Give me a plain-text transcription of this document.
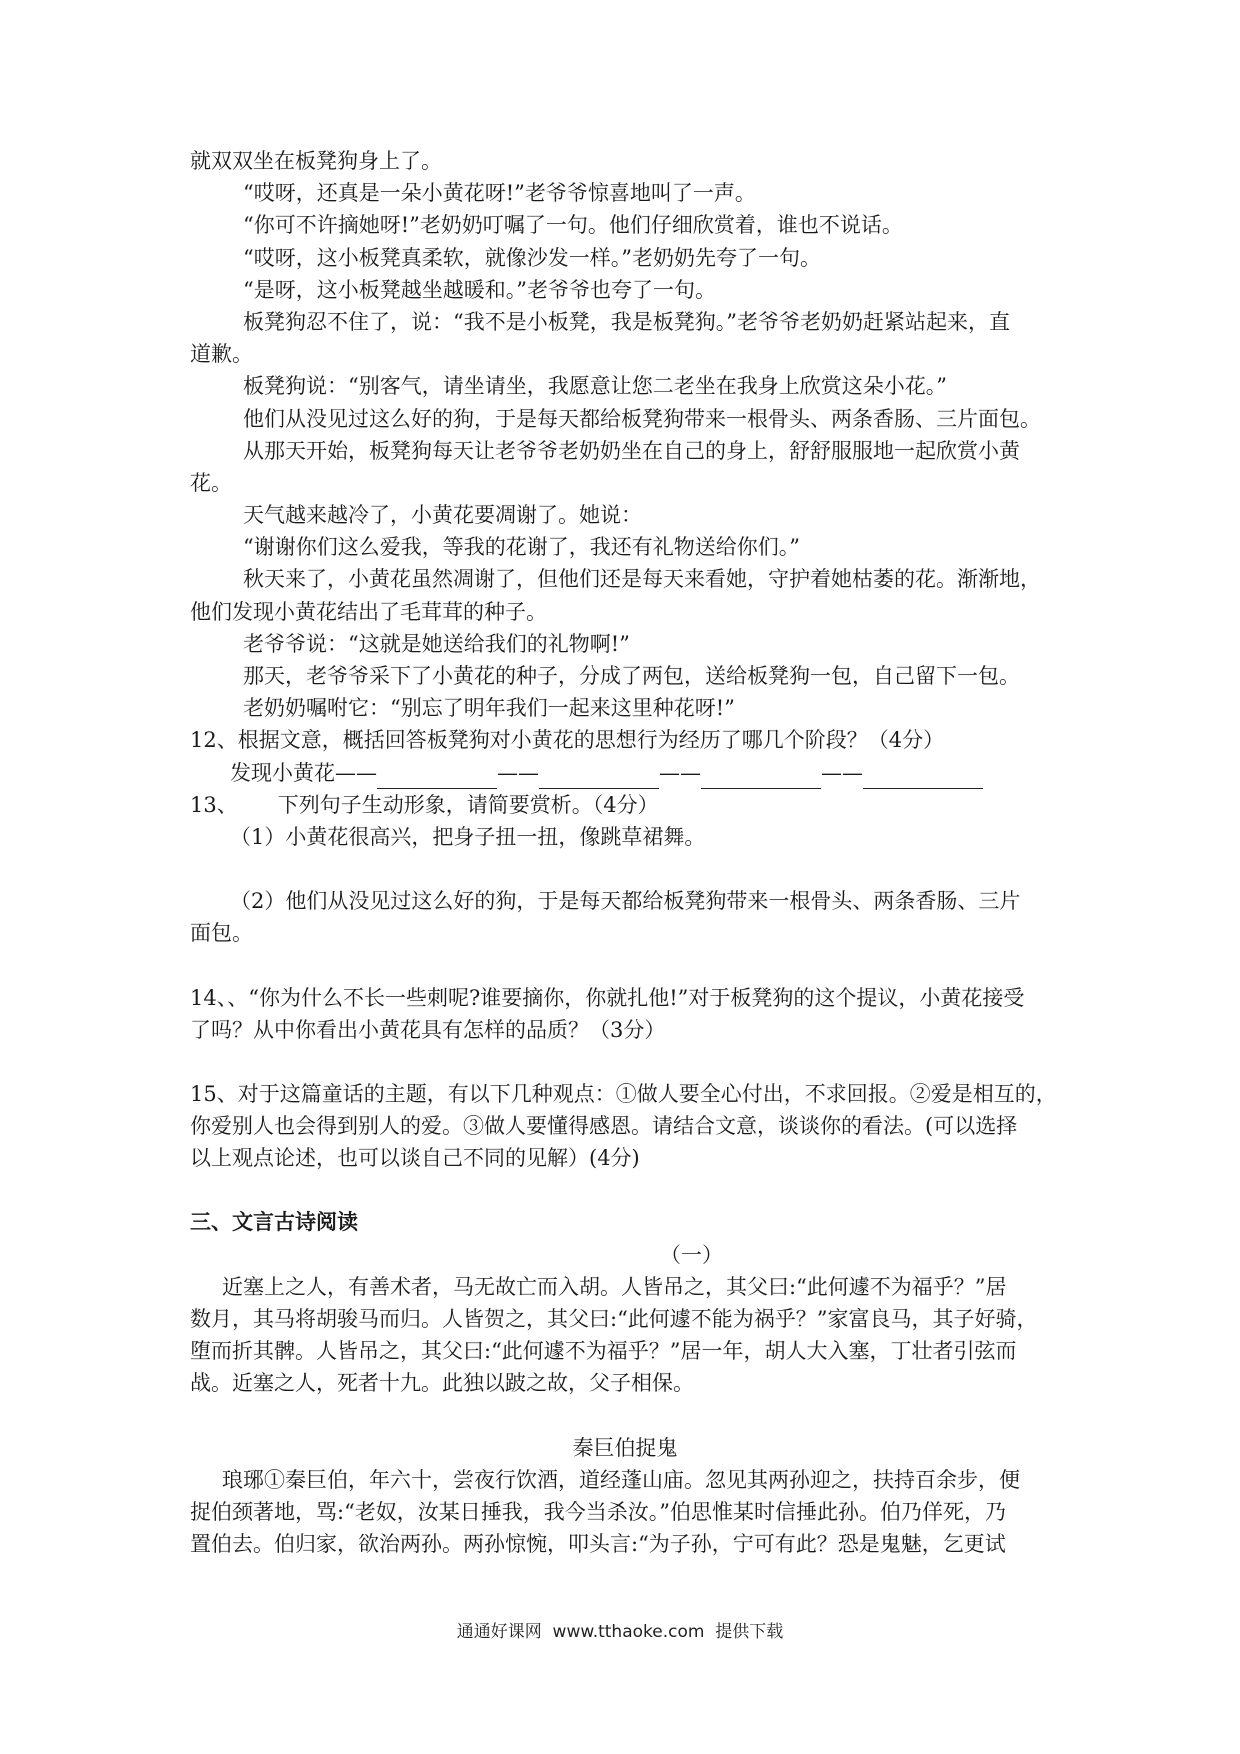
就双双坐在板凳狗身上了。
“哎呀，还真是一朵小黄花呀!”老爷爷惊喜地叫了一声。
“你可不许摘她呀!”老奶奶叮嘱了一句。他们仔细欣赏着，谁也不说话。
“哎呀，这小板凳真柔软，就像沙发一样。”老奶奶先夸了一句。
“是呀，这小板凳越坐越暖和。”老爷爷也夸了一句。
板凳狗忍不住了，说：“我不是小板凳，我是板凳狗。”老爷爷老奶奶赶紧站起来，直
道歉。
板凳狗说：“别客气，请坐请坐，我愿意让您二老坐在我身上欣赏这朵小花。”
他们从没见过这么好的狗，于是每天都给板凳狗带来一根骨头、两条香肠、三片面包。
从那天开始，板凳狗每天让老爷爷老奶奶坐在自己的身上，舒舒服服地一起欣赏小黄
花。
天气越来越冷了，小黄花要凋谢了。她说：
“谢谢你们这么爱我，等我的花谢了，我还有礼物送给你们。”
秋天来了，小黄花虽然凋谢了，但他们还是每天来看她，守护着她枯萎的花。渐渐地，
他们发现小黄花结出了毛茸茸的种子。
老爷爷说：“这就是她送给我们的礼物啊!”
那天，老爷爷采下了小黄花的种子，分成了两包，送给板凳狗一包，自己留下一包。
老奶奶嘱咐它：“别忘了明年我们一起来这里种花呀!”
12、根据文意，概括回答板凳狗对小黄花的思想行为经历了哪几个阶段？（4分）
发现小黄花——	——	——	——
13、      下列句子生动形象，请简要赏析。（4分）
（1）小黄花很高兴，把身子扭一扭，像跳草裙舞。
（2）他们从没见过这么好的狗，于是每天都给板凳狗带来一根骨头、两条香肠、三片
面包。
14、、“你为什么不长一些刺呢?谁要摘你，你就扎他!”对于板凳狗的这个提议，小黄花接受
了吗？从中你看出小黄花具有怎样的品质？（3分）
15、对于这篇童话的主题，有以下几种观点：①做人要全心付出，不求回报。②爱是相互的，
你爱别人也会得到别人的爱。③做人要懂得感恩。请结合文意，谈谈你的看法。(可以选择
以上观点论述，也可以谈自己不同的见解）(4分)
三、文言古诗阅读
（一）
近塞上之人，有善术者，马无故亡而入胡。人皆吊之，其父曰:“此何遽不为福乎？”居
数月，其马将胡骏马而归。人皆贺之，其父曰:“此何遽不能为祸乎？”家富良马，其子好骑，
堕而折其髀。人皆吊之，其父曰:“此何遽不为福乎？”居一年，胡人大入塞，丁壮者引弦而
战。近塞之人，死者十九。此独以跛之故，父子相保。
秦巨伯捉鬼
琅琊①秦巨伯，年六十，尝夜行饮酒，道经蓬山庙。忽见其两孙迎之，扶持百余步，便
捉伯颈著地，骂:“老奴，汝某日捶我，我今当杀汝。”伯思惟某时信捶此孙。伯乃佯死，乃
置伯去。伯归家，欲治两孙。两孙惊惋，叩头言:“为子孙，宁可有此？恐是鬼魅，乞更试
通通好课网  www.tthaoke.com  提供下载
